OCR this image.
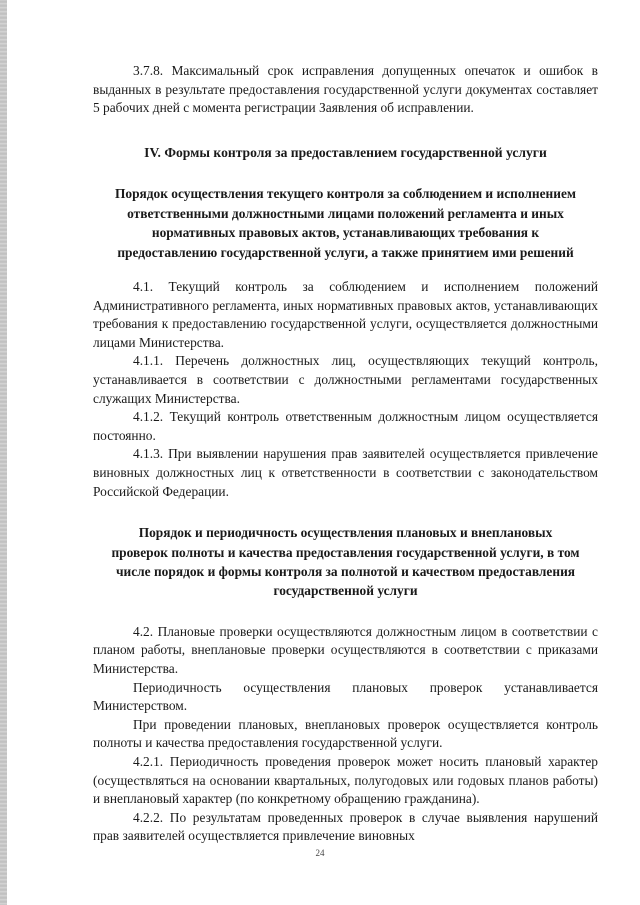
3.7.8. Максимальный срок исправления допущенных опечаток и ошибок в выданных в результате предоставления государственной услуги документах составляет 5 рабочих дней с момента регистрации Заявления об исправлении.

IV. Формы контроля за предоставлением государственной услуги
Порядок осуществления текущего контроля за соблюдением и исполнением ответственными должностными лицами положений регламента и иных нормативных правовых актов, устанавливающих требования к предоставлению государственной услуги, а также принятием ими решений

4.1. Текущий контроль за соблюдением и исполнением положений Административного регламента, иных нормативных правовых актов, устанавливающих требования к предоставлению государственной услуги, осуществляется должностными лицами Министерства.

4.1.1. Перечень должностных лиц, осуществляющих текущий контроль, устанавливается в соответствии с должностными регламентами государственных служащих Министерства.

4.1.2. Текущий контроль ответственным должностным лицом осуществляется постоянно.

4.1.3. При выявлении нарушения прав заявителей осуществляется привлечение виновных должностных лиц к ответственности в соответствии с законодательством Российской Федерации.

Порядок и периодичность осуществления плановых и внеплановых проверок полноты и качества предоставления государственной услуги, в том числе порядок и формы контроля за полнотой и качеством предоставления государственной услуги

4.2. Плановые проверки осуществляются должностным лицом в соответствии с планом работы, внеплановые проверки осуществляются в соответствии с приказами Министерства.

Периодичность осуществления плановых проверок устанавливается Министерством.

При проведении плановых, внеплановых проверок осуществляется контроль полноты и качества предоставления государственной услуги.

4.2.1. Периодичность проведения проверок может носить плановый характер (осуществляться на основании квартальных, полугодовых или годовых планов работы) и внеплановый характер (по конкретному обращению гражданина).

4.2.2. По результатам проведенных проверок в случае выявления нарушений прав заявителей осуществляется привлечение виновных

24
